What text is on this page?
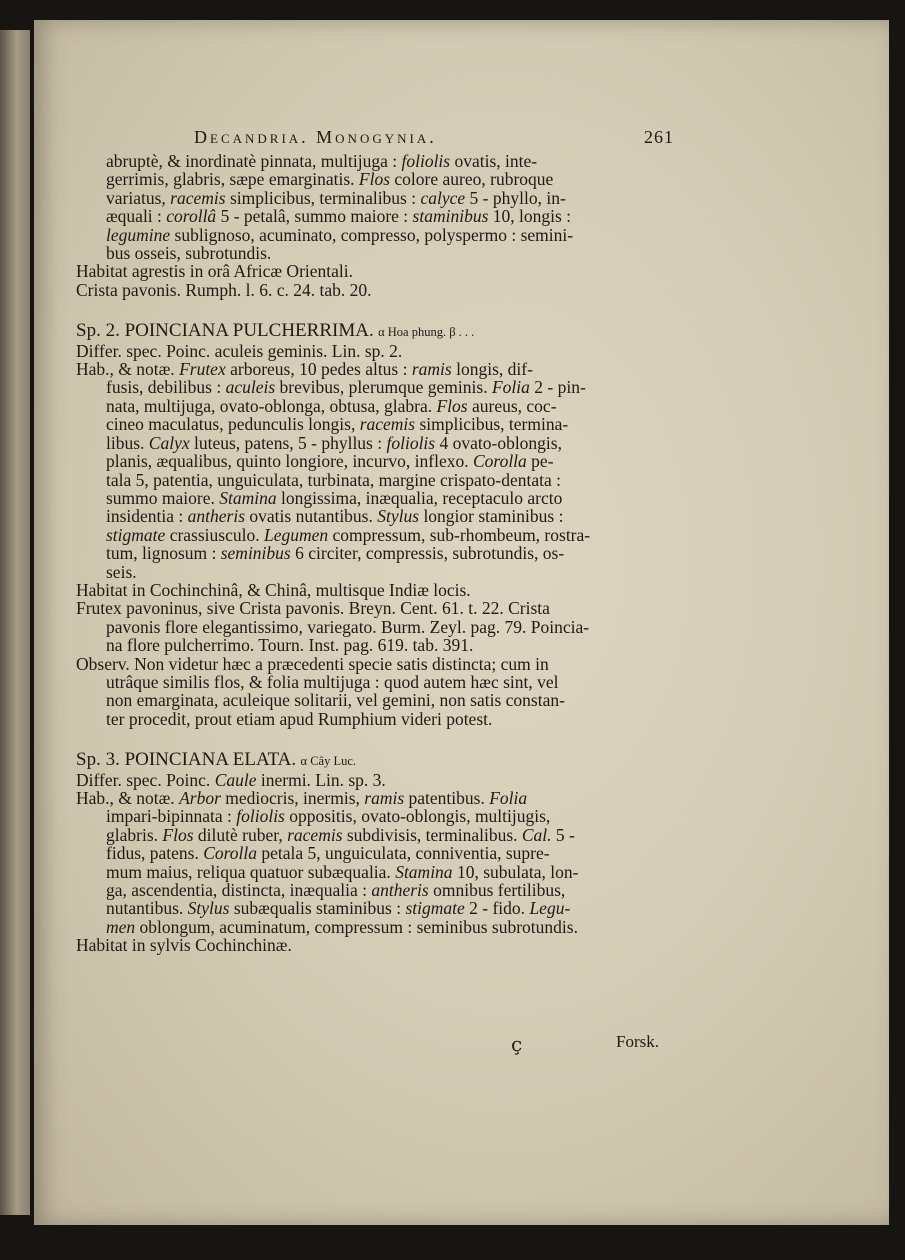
Decandria. Monogynia.	261

abruptè, & inordinatè pinnata, multijuga : foliolis ovatis, inte-

gerrimis, glabris, sæpe emarginatis. Flos colore aureo, rubroque

variatus, racemis simplicibus, terminalibus : calyce 5 - phyllo, in-

æquali : corollâ 5 - petalâ, summo maiore : staminibus 10, longis :

legumine sublignoso, acuminato, compresso, polyspermo : semini-

bus osseis, subrotundis.

Habitat agrestis in orâ Africæ Orientali.

Crista pavonis. Rumph. l. 6. c. 24. tab. 20.

Sp. 2. POINCIANA PULCHERRIMA. α Hoa phung. β . . .

Differ. spec. Poinc. aculeis geminis. Lin. sp. 2.

Hab., & notæ. Frutex arboreus, 10 pedes altus : ramis longis, dif-

fusis, debilibus : aculeis brevibus, plerumque geminis. Folia 2 - pin-

nata, multijuga, ovato-oblonga, obtusa, glabra. Flos aureus, coc-

cineo maculatus, pedunculis longis, racemis simplicibus, termina-

libus. Calyx luteus, patens, 5 - phyllus : foliolis 4 ovato-oblongis,

planis, æqualibus, quinto longiore, incurvo, inflexo. Corolla pe-

tala 5, patentia, unguiculata, turbinata, margine crispato-dentata :

summo maiore. Stamina longissima, inæqualia, receptaculo arcto

insidentia : antheris ovatis nutantibus. Stylus longior staminibus :

stigmate crassiusculo. Legumen compressum, sub-rhombeum, rostra-

tum, lignosum : seminibus 6 circiter, compressis, subrotundis, os-

seis.

Habitat in Cochinchinâ, & Chinâ, multisque Indiæ locis.

Frutex pavoninus, sive Crista pavonis. Breyn. Cent. 61. t. 22. Crista

pavonis flore elegantissimo, variegato. Burm. Zeyl. pag. 79. Poincia-

na flore pulcherrimo. Tourn. Inst. pag. 619. tab. 391.

Observ. Non videtur hæc a præcedenti specie satis distincta; cum in

utrâque similis flos, & folia multijuga : quod autem hæc sint, vel

non emarginata, aculeique solitarii, vel gemini, non satis constan-

ter procedit, prout etiam apud Rumphium videri potest.

Sp. 3. POINCIANA ELATA. α Cây Luc.

Differ. spec. Poinc. Caule inermi. Lin. sp. 3.

Hab., & notæ. Arbor mediocris, inermis, ramis patentibus. Folia

impari-bipinnata : foliolis oppositis, ovato-oblongis, multijugis,

glabris. Flos dilutè ruber, racemis subdivisis, terminalibus. Cal. 5 -

fidus, patens. Corolla petala 5, unguiculata, conniventia, supre-

mum maius, reliqua quatuor subæqualia. Stamina 10, subulata, lon-

ga, ascendentia, distincta, inæqualia : antheris omnibus fertilibus,

nutantibus. Stylus subæqualis staminibus : stigmate 2 - fido. Legu-

men oblongum, acuminatum, compressum : seminibus subrotundis.

Habitat in sylvis Cochinchinæ.

ç	Forsk.
